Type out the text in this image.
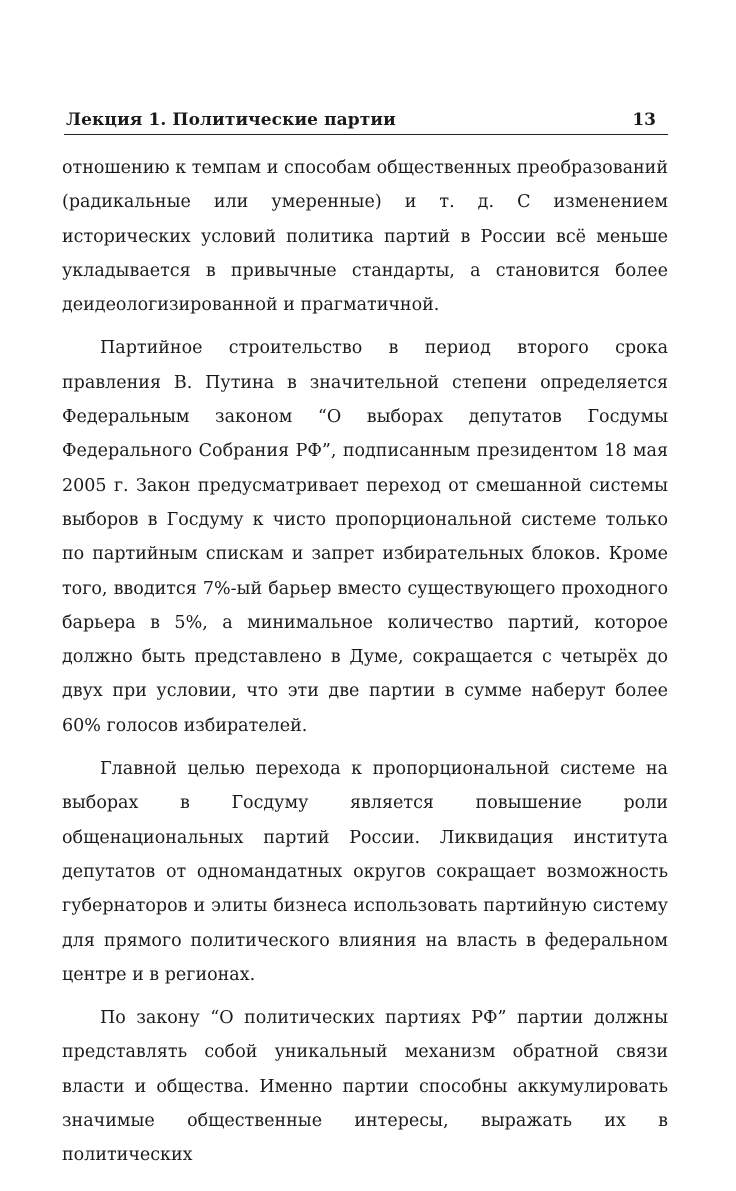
Лекция 1. Политические партии	13

отношению к темпам и способам общественных преобразований (радикальные или умеренные) и т. д. С изменением исторических условий политика партий в России всё меньше укладывается в привычные стандарты, а становится более деидеологизированной и прагматичной.

Партийное строительство в период второго срока правления В. Путина в значительной степени определяется Федеральным законом “О выборах депутатов Госдумы Федерального Собрания РФ”, подписанным президентом 18 мая 2005 г. Закон предусматривает переход от смешанной системы выборов в Госдуму к чисто пропорциональной системе только по партийным спискам и запрет избирательных блоков. Кроме того, вводится 7%-ый барьер вместо существующего проходного барьера в 5%, а минимальное количество партий, которое должно быть представлено в Думе, сокращается с четырёх до двух при условии, что эти две партии в сумме наберут более 60% голосов избирателей.

Главной целью перехода к пропорциональной системе на выборах в Госдуму является повышение роли общенациональных партий России. Ликвидация института депутатов от одномандатных округов сокращает возможность губернаторов и элиты бизнеса использовать партийную систему для прямого политического влияния на власть в федеральном центре и в регионах.

По закону “О политических партиях РФ” партии должны представлять собой уникальный механизм обратной связи власти и общества. Именно партии способны аккумулировать значимые общественные интересы, выражать их в политических
